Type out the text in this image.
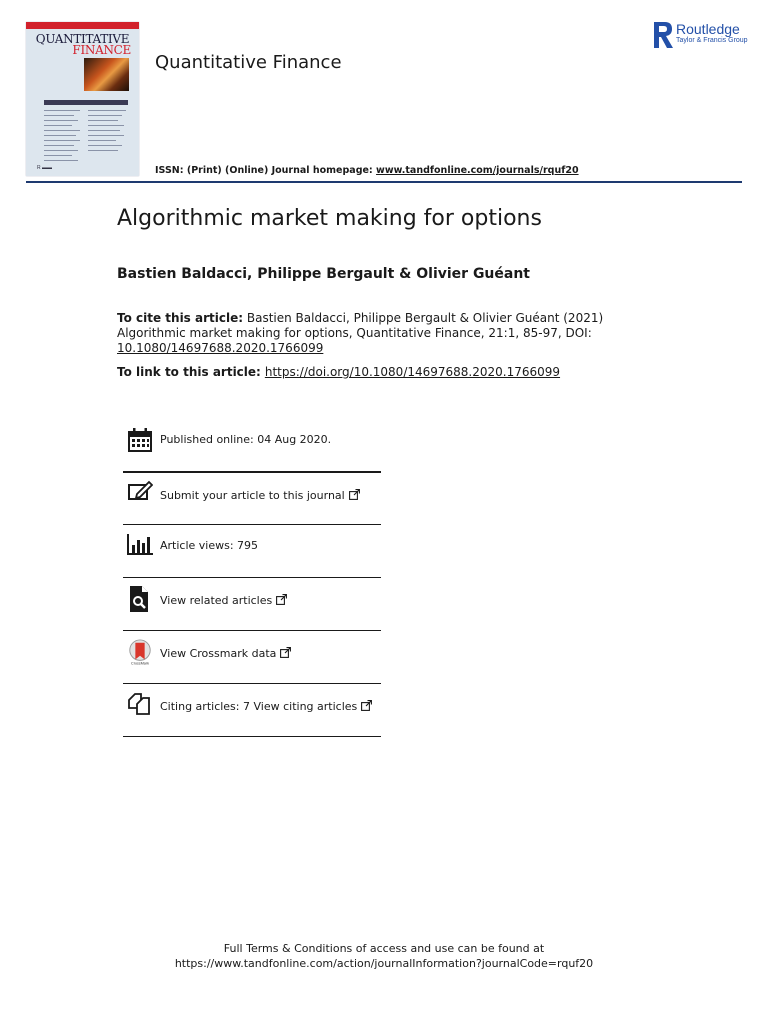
QUANTITATIVE
FINANCE
R ▬▬
Quantitative Finance
ISSN: (Print) (Online) Journal homepage: www.tandfonline.com/journals/rquf20
Routledge
Taylor & Francis Group
Algorithmic market making for options
Bastien Baldacci, Philippe Bergault & Olivier Guéant
To cite this article: Bastien Baldacci, Philippe Bergault & Olivier Guéant (2021) Algorithmic market making for options, Quantitative Finance, 21:1, 85-97, DOI: 10.1080/14697688.2020.1766099
To link to this article: https://doi.org/10.1080/14697688.2020.1766099
Published online: 04 Aug 2020.
Submit your article to this journal
Article views: 795
View related articles
CrossMark
View Crossmark data
Citing articles: 7 View citing articles
Full Terms & Conditions of access and use can be found at
https://www.tandfonline.com/action/journalInformation?journalCode=rquf20
